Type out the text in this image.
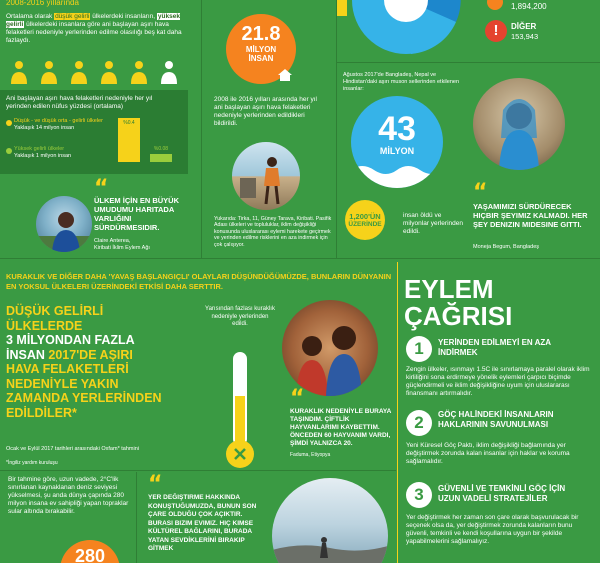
2008-2016 yıllarında
Ortalama olarak düşük gelirli ülkelerdeki insanların, yüksek gelirli ülkelerdeki insanlara göre ani başlayan aşırı hava felaketleri nedeniyle yerlerinden edilme olasılığı beş kat daha fazlaydı.
Ani başlayan aşırı hava felaketleri nedeniyle her yıl yerinden edilen nüfus yüzdesi (ortalama)
Düşük - ve düşük orta - gelirli ülkeler
Yaklaşık 14 milyon insan
Yüksek gelirli ülkeler
Yaklaşık 1 milyon insan
%0.4
%0.08
“
ÜLKEM İÇİN EN BÜYÜK UMUDUMU HARITADA VARLIĞINI SÜRDÜRMESIDIR.
Claire Anterea,
Kiribati İklim Eylem Ağı
21.8
MİLYON İNSAN
2008 ile 2016 yılları arasında her yıl ani başlayan aşırı hava felaketleri nedeniyle yerlerinden edildikleri bildirildi.
Yukarıda: Tirka, 11, Güney Tarava, Kiribati. Pasifik Adası ülkeleri ve topluluklar, iklim değişikliği konusunda uluslararası eylemi harekete geçirmek ve yerinden edilme risklerini en aza indirmek için çok çalışıyor.
1,894,200
!	DİĞER
153,943
Ağustos 2017'de Bangladeş, Nepal ve Hindistan'daki aşırı muson sellerinden etkilenen insanlar:
43
MİLYON
1,200'ÜN
ÜZERİNDE
insan öldü ve milyonlar yerlerinden edildi.
“
YAŞAMIMIZI SÜRDÜRECEK HIÇBIR ŞEYIMIZ KALMADI. HER ŞEY DENIZIN MIDESINE GITTI.
Moneja Begum, Bangladeş
KURAKLIK VE DİĞER DAHA 'YAVAŞ BAŞLANGIÇLI' OLAYLARI DÜŞÜNDÜĞÜMÜZDE, BUNLARIN DÜNYANIN EN YOKSUL ÜLKELERI ÜZERİNDEKİ ETKİSİ DAHA SERTTIR.
DÜŞÜK GELİRLİ
ÜLKELERDE
3 MİLYONDAN FAZLA
İNSAN 2017'DE AŞIRI
HAVA FELAKETLERİ
NEDENİYLE YAKIN
ZAMANDA YERLERİNDEN
EDİLDİLER*
Ocak ve Eylül 2017 tarihleri arasındaki Oxfam* tahmini
*İngiliz yardım kuruluşu
Yarısından fazlası kuraklık nedeniyle yerlerinden edildi.
“
KURAKLIK NEDENİYLE BURAYA TAŞINDIM. ÇİFTLİK HAYVANLARIMI KAYBETTIM. ÖNCEDEN 60 HAYVANIM VARDI, ŞİMDİ YALNIZCA 20.
Faduma, Etiyopya
Bir tahmine göre, uzun vadede, 2°C'lik sınırlanan kaynaklanan deniz seviyesi yükselmesi, şu anda dünya çapında 280 milyon insana ev sahipliği yapan topraklar sular altında bırakabilir.
280
“
YER DEĞIŞTIRME HAKKINDA KONUŞTUĞUMUZDA, BUNUN SON ÇARE OLDUĞU ÇOK AÇIKTIR. BURASI BIZIM EVIMIZ. HIÇ KIMSE KÜLTÜREL BAĞLARINI, BURADA YATAN SEVDİKLERİNİ BIRAKIP GİTMEK
EYLEM
ÇAĞRISI
1	YERİNDEN EDİLMEYİ EN AZA İNDİRMEK
Zengin ülkeler, ısınmayı 1.5C ile sınırlamaya paralel olarak iklim kirliliğini sona erdirmeye yönelik eylemleri çarpıcı biçimde güçlendirmeli ve iklim değişikliğine uyum için uluslararası finansmanı artırmalıdır.
2	GÖÇ HALİNDEKİ İNSANLARIN HAKLARININ SAVUNULMASI
Yeni Küresel Göç Paktı, iklim değişikliği bağlamında yer değiştirmek zorunda kalan insanlar için haklar ve koruma sağlamalıdır.
3	GÜVENLİ VE TEMKİNLİ GÖÇ İÇİN UZUN VADELİ STRATEJİLER
Yer değiştirmek her zaman son çare olarak başvurulacak bir seçenek olsa da, yer değiştirmek zorunda kalanların bunu güvenli, temkinli ve kendi koşullarına uygun bir şekilde yapabilmelerini sağlamalıyız.
